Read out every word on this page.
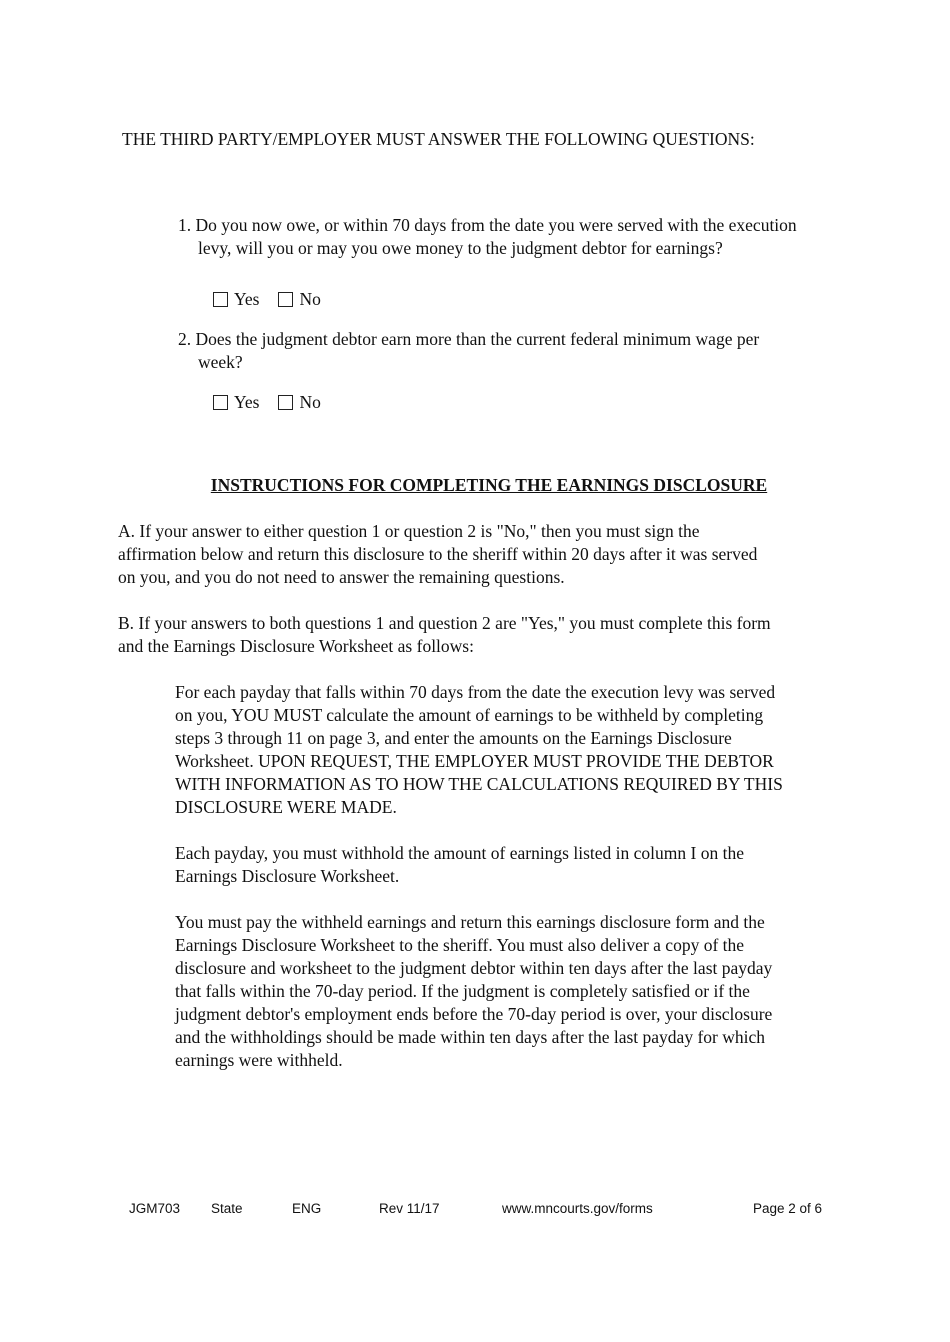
THE THIRD PARTY/EMPLOYER MUST ANSWER THE FOLLOWING QUESTIONS:
1. Do you now owe, or within 70 days from the date you were served with the execution
levy, will you or may you owe money to the judgment debtor for earnings?
Yes No
2. Does the judgment debtor earn more than the current federal minimum wage per
week?
Yes No
INSTRUCTIONS FOR COMPLETING THE EARNINGS DISCLOSURE
A. If your answer to either question 1 or question 2 is "No," then you must sign the
affirmation below and return this disclosure to the sheriff within 20 days after it was served
on you, and you do not need to answer the remaining questions.
B. If your answers to both questions 1 and question 2 are "Yes," you must complete this form
and the Earnings Disclosure Worksheet as follows:
For each payday that falls within 70 days from the date the execution levy was served
on you, YOU MUST calculate the amount of earnings to be withheld by completing
steps 3 through 11 on page 3, and enter the amounts on the Earnings Disclosure
Worksheet. UPON REQUEST, THE EMPLOYER MUST PROVIDE THE DEBTOR
WITH INFORMATION AS TO HOW THE CALCULATIONS REQUIRED BY THIS
DISCLOSURE WERE MADE.
Each payday, you must withhold the amount of earnings listed in column I on the
Earnings Disclosure Worksheet.
You must pay the withheld earnings and return this earnings disclosure form and the
Earnings Disclosure Worksheet to the sheriff. You must also deliver a copy of the
disclosure and worksheet to the judgment debtor within ten days after the last payday
that falls within the 70-day period. If the judgment is completely satisfied or if the
judgment debtor's employment ends before the 70-day period is over, your disclosure
and the withholdings should be made within ten days after the last payday for which
earnings were withheld.
JGM703 State	ENG	Rev 11/17	www.mncourts.gov/forms	Page 2 of 6
